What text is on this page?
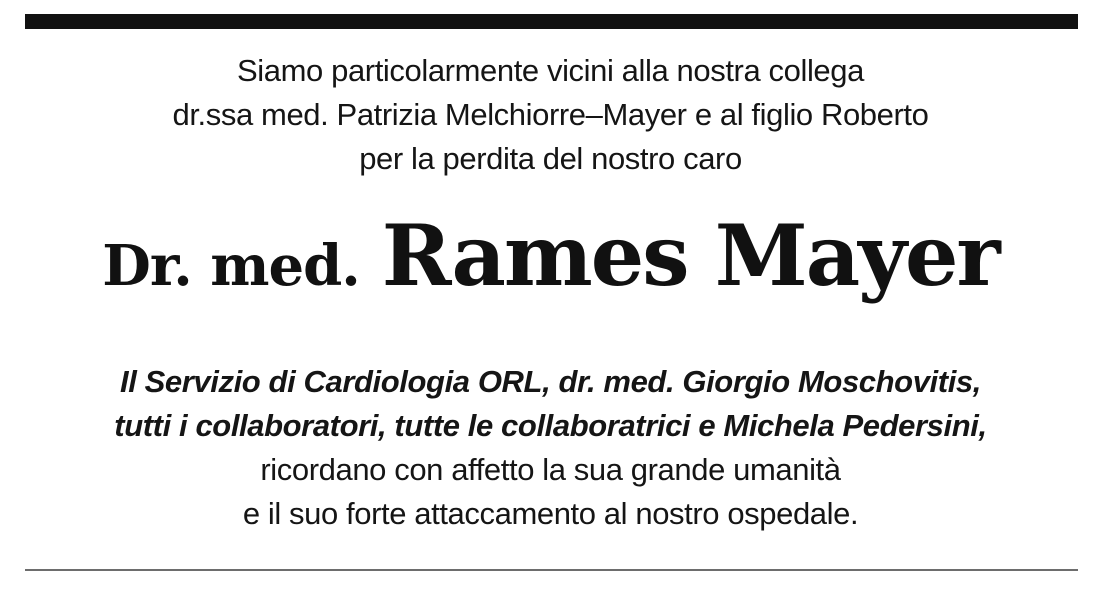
Siamo particolarmente vicini alla nostra collega
dr.ssa med. Patrizia Melchiorre–Mayer e al figlio Roberto
per la perdita del nostro caro
Dr. med. Rames Mayer
Il Servizio di Cardiologia ORL, dr. med. Giorgio Moschovitis,
tutti i collaboratori, tutte le collaboratrici e Michela Pedersini,
ricordano con affetto la sua grande umanità
e il suo forte attaccamento al nostro ospedale.
